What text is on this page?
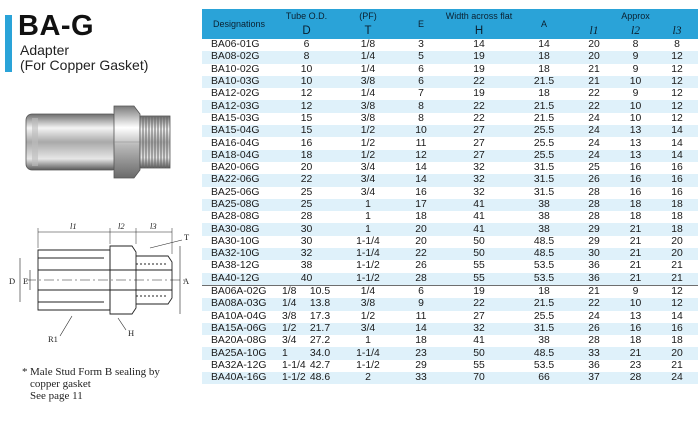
BA-G
Adapter
(For Copper Gasket)
l1	l2	l3
T
D E	A
R1
H
* Male Stud Form B sealing by
copper gasket
See page 11
Designations	Tube O.D.		(PF)	E	Width across flat	A	Approx		
	D		T		H		l1	l2	l3
BA06-01G	6		1/8	3	14	14	20	8	8
BA08-02G	8		1/4	5	19	18	20	9	12
BA10-02G	10		1/4	6	19	18	21	9	12
BA10-03G	10		3/8	6	22	21.5	21	10	12
BA12-02G	12		1/4	7	19	18	22	9	12
BA12-03G	12		3/8	8	22	21.5	22	10	12
BA15-03G	15		3/8	8	22	21.5	24	10	12
BA15-04G	15		1/2	10	27	25.5	24	13	14
BA16-04G	16		1/2	11	27	25.5	24	13	14
BA18-04G	18		1/2	12	27	25.5	24	13	14
BA20-06G	20		3/4	14	32	31.5	25	16	16
BA22-06G	22		3/4	14	32	31.5	26	16	16
BA25-06G	25		3/4	16	32	31.5	28	16	16
BA25-08G	25		1	17	41	38	28	18	18
BA28-08G	28		1	18	41	38	28	18	18
BA30-08G	30		1	20	41	38	29	21	18
BA30-10G	30		1-1/4	20	50	48.5	29	21	20
BA32-10G	32		1-1/4	22	50	48.5	30	21	20
BA38-12G	38		1-1/2	26	55	53.5	36	21	21
BA40-12G	40		1-1/2	28	55	53.5	36	21	21
BA06A-02G	1/8	10.5	1/4	6	19	18	21	9	12
BA08A-03G	1/4	13.8	3/8	9	22	21.5	22	10	12
BA10A-04G	3/8	17.3	1/2	11	27	25.5	24	13	14
BA15A-06G	1/2	21.7	3/4	14	32	31.5	26	16	16
BA20A-08G	3/4	27.2	1	18	41	38	28	18	18
BA25A-10G	1	34.0	1-1/4	23	50	48.5	33	21	20
BA32A-12G	1-1/4	42.7	1-1/2	29	55	53.5	36	23	21
BA40A-16G	1-1/2	48.6	2	33	70	66	37	28	24
